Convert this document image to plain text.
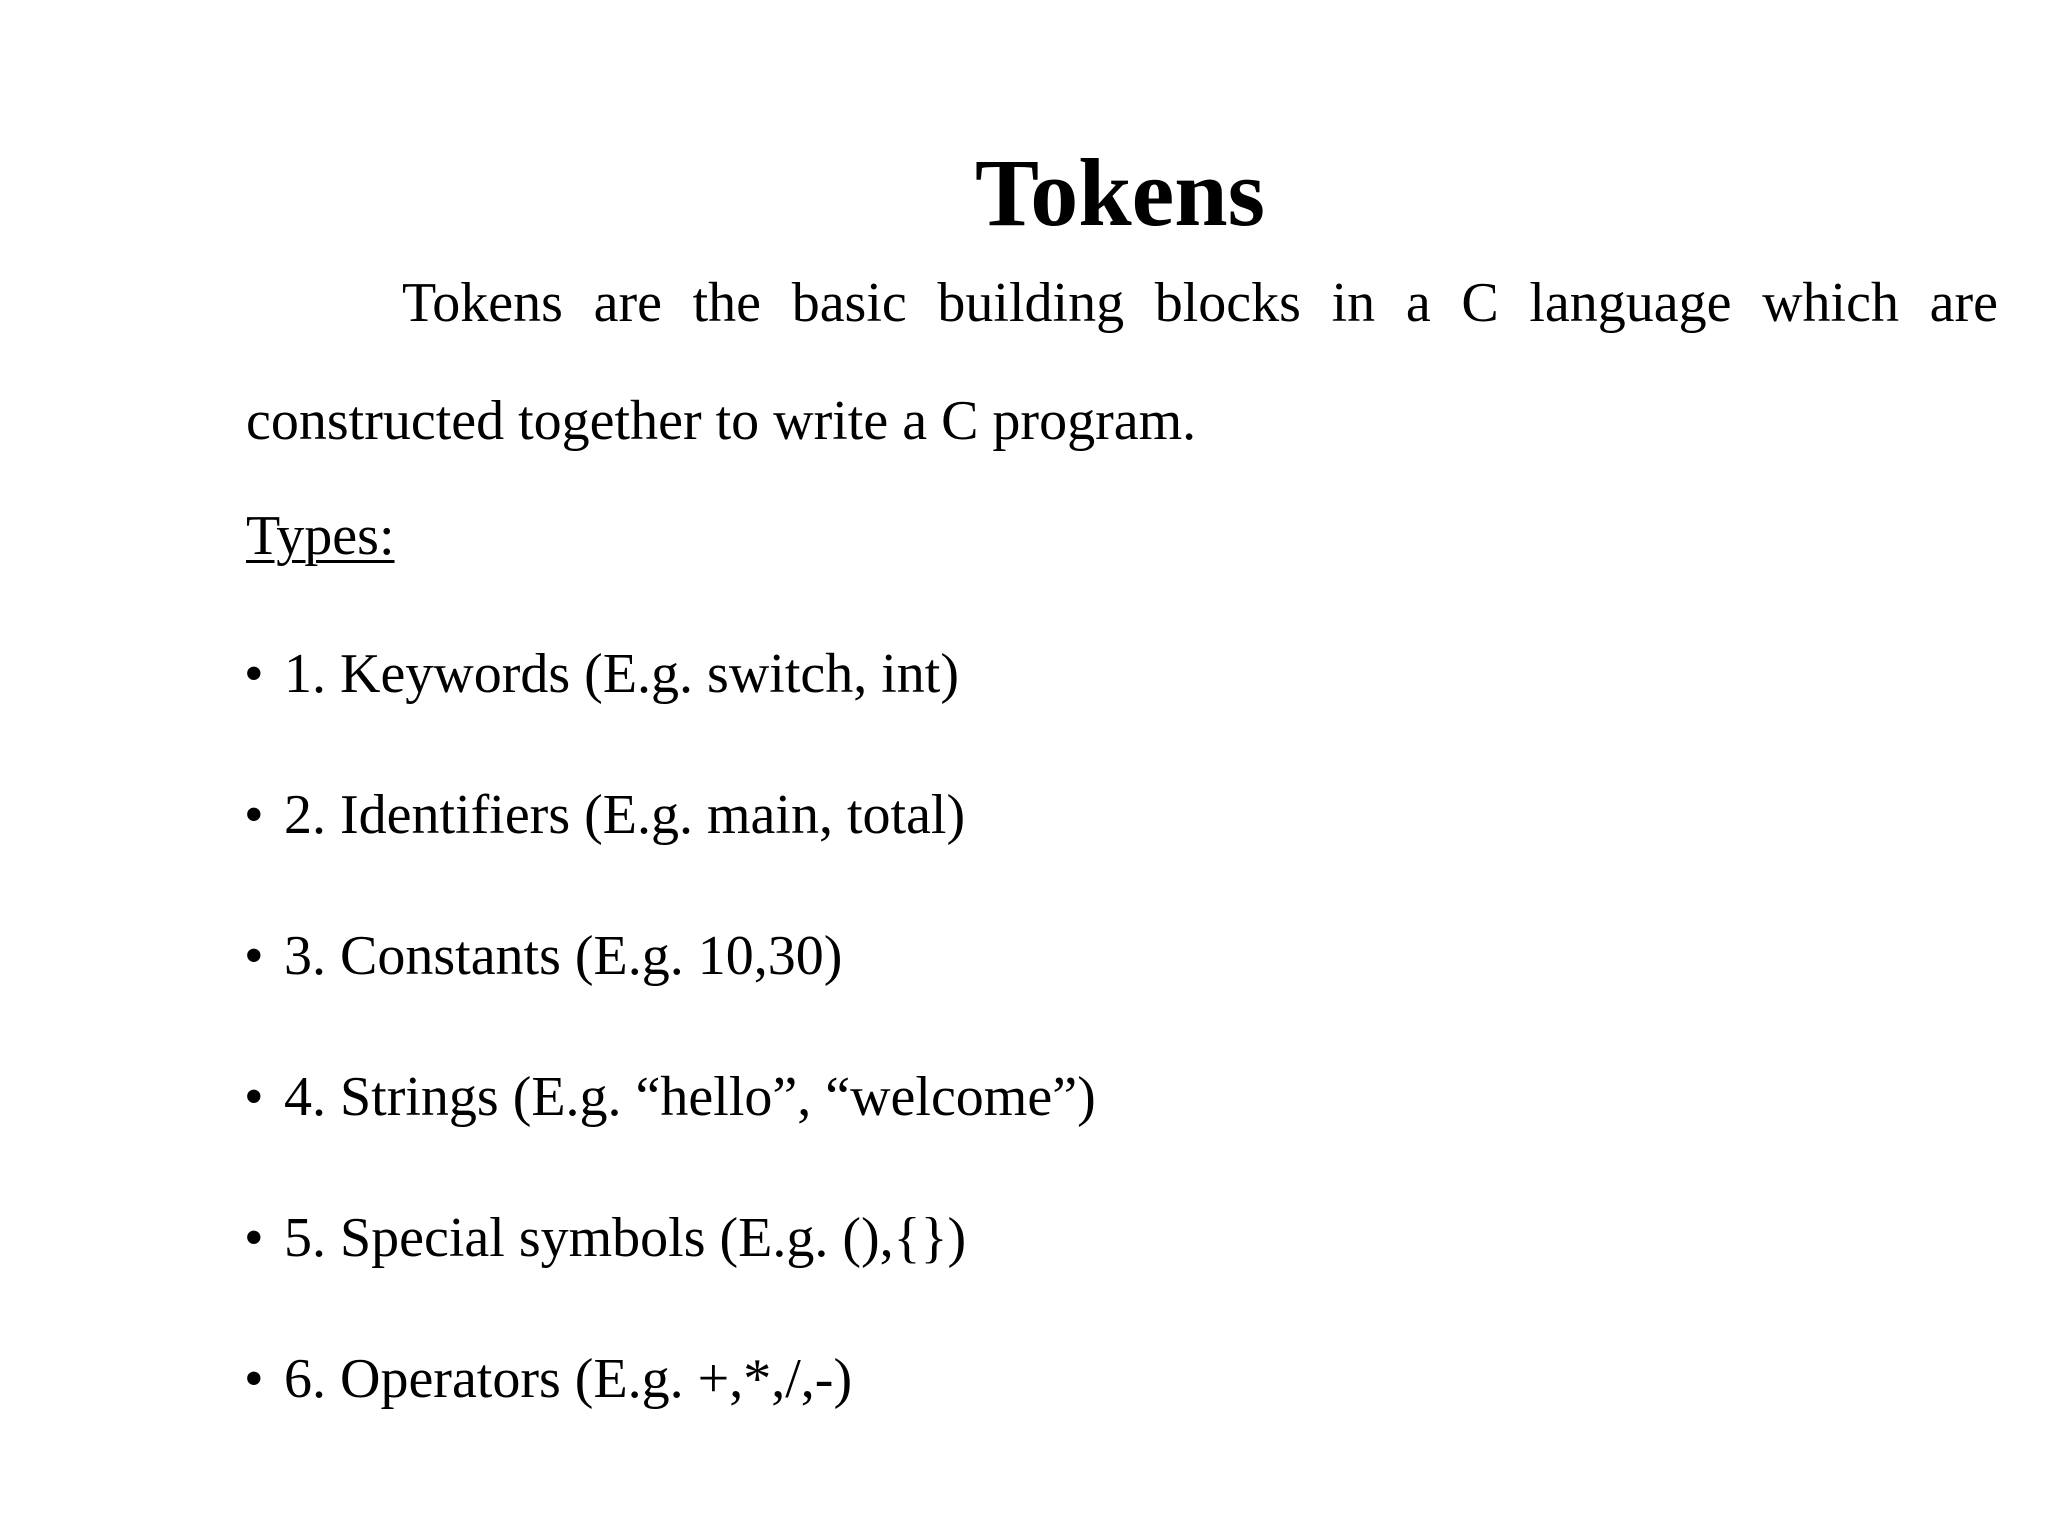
Tokens

Tokens are the basic building blocks in a C language which are constructed together to write a C program.

Types:

• 1. Keywords (E.g. switch, int)
• 2. Identifiers (E.g. main, total)
• 3. Constants (E.g. 10,30)
• 4. Strings (E.g. “hello”, “welcome”)
• 5. Special symbols (E.g. (),{})
• 6. Operators (E.g. +,*,/,-)
